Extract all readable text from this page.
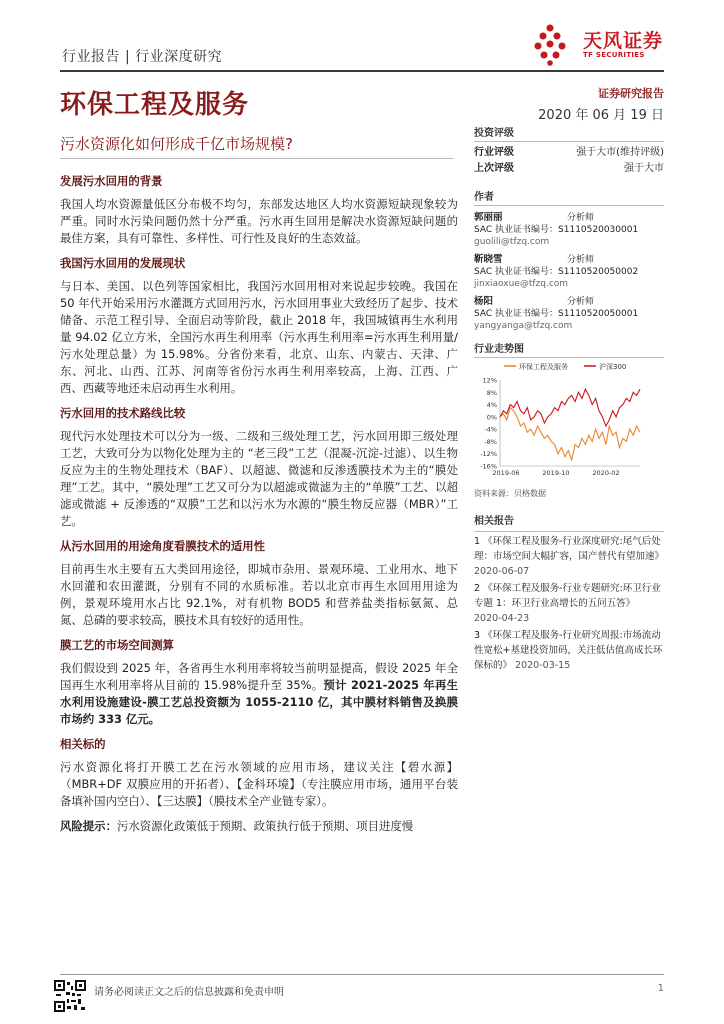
行业报告 | 行业深度研究
天风证券
TF SECURITIES
环保工程及服务	证券研究报告
2020 年 06 月 19 日
污水资源化如何形成千亿市场规模?
发展污水回用的背景

我国人均水资源量低区分布极不均匀，东部发达地区人均水资源短缺现象较为严重。同时水污染问题仍然十分严重。污水再生回用是解决水资源短缺问题的最佳方案，具有可靠性、多样性、可行性及良好的生态效益。

我国污水回用的发展现状

与日本、美国、以色列等国家相比，我国污水回用相对来说起步较晚。我国在 50 年代开始采用污水灌溉方式回用污水，污水回用事业大致经历了起步、技术储备、示范工程引导、全面启动等阶段，截止 2018 年，我国城镇再生水利用量 94.02 亿立方米，全国污水再生利用率（污水再生利用率=污水再生利用量/污水处理总量）为 15.98%。分省份来看，北京、山东、内蒙古、天津、广东、河北、山西、江苏、河南等省份污水再生利用率较高，上海、江西、广西、西藏等地还未启动再生水利用。

污水回用的技术路线比较

现代污水处理技术可以分为一级、二级和三级处理工艺，污水回用即三级处理工艺，大致可分为以物化处理为主的 “老三段”工艺（混凝-沉淀-过滤）、以生物反应为主的生物处理技术（BAF）、以超滤、微滤和反渗透膜技术为主的“膜处理”工艺。其中，“膜处理”工艺又可分为以超滤或微滤为主的“单膜”工艺、以超滤或微滤 + 反渗透的“双膜”工艺和以污水为水源的“膜生物反应器（MBR）”工艺。

从污水回用的用途角度看膜技术的适用性

目前再生水主要有五大类回用途径，即城市杂用、景观环境、工业用水、地下水回灌和农田灌溉，分别有不同的水质标准。若以北京市再生水回用用途为例，景观环境用水占比 92.1%，对有机物 BOD5 和营养盐类指标氨氮、总氮、总磷的要求较高，膜技术具有较好的适用性。

膜工艺的市场空间测算

我们假设到 2025 年，各省再生水利用率将较当前明显提高，假设 2025 年全国再生水利用率将从目前的 15.98%提升至 35%。预计 2021-2025 年再生水利用设施建设-膜工艺总投资额为 1055-2110 亿，其中膜材料销售及换膜市场约 333 亿元。

相关标的

污水资源化将打开膜工艺在污水领域的应用市场，建议关注【碧水源】（MBR+DF 双膜应用的开拓者）、【金科环境】（专注膜应用市场，通用平台装备填补国内空白）、【三达膜】（膜技术全产业链专家）。

风险提示：污水资源化政策低于预期、政策执行低于预期、项目进度慢

投资评级
行业评级	强于大市(维持评级)
上次评级	强于大市
作者
郭丽丽	分析师
SAC 执业证书编号：S1110520030001
guolili@tfzq.com
靳晓雪	分析师
SAC 执业证书编号：S1110520050002
jinxiaoxue@tfzq.com
杨阳	分析师
SAC 执业证书编号：S1110520050001
yangyanga@tfzq.com
行业走势图
环保工程及服务	沪深300
12%
8%
4%
0%
-4%
-8%
-12%
-16%
2019-06	2019-10	2020-02
资料来源：贝格数据
相关报告
1 《环保工程及服务-行业深度研究:尾气后处理：市场空间大幅扩容，国产替代有望加速》 2020-06-07
2 《环保工程及服务-行业专题研究:环卫行业专题 1：环卫行业高增长的五问五答》 2020-04-23
3 《环保工程及服务-行业研究周报:市场流动性宽松+基建投资加码，关注低估值高成长环保标的》 2020-03-15
请务必阅读正文之后的信息披露和免责申明	1
